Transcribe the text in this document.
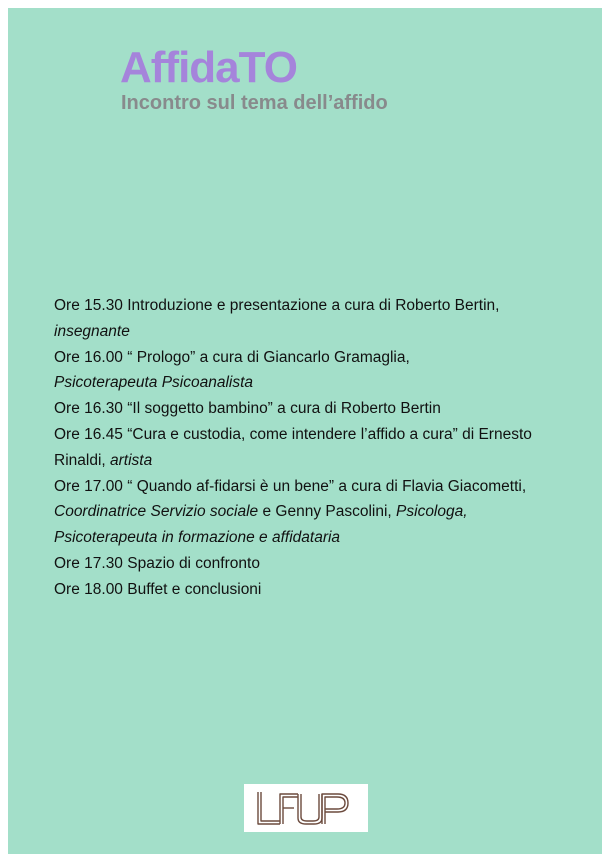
AffidaTO
Incontro sul tema dell’affido

Ore 15.30 Introduzione e presentazione a cura di Roberto Bertin, insegnante

Ore 16.00 “ Prologo” a cura di Giancarlo Gramaglia,
Psicoterapeuta Psicoanalista

Ore 16.30 “Il soggetto bambino” a cura di Roberto Bertin

Ore 16.45 “Cura e custodia, come intendere l’affido a cura” di Ernesto Rinaldi, artista

Ore 17.00 “ Quando af-fidarsi è un bene” a cura di Flavia Giacometti, Coordinatrice Servizio sociale e Genny Pascolini, Psicologa, Psicoterapeuta in formazione e affidataria

Ore 17.30 Spazio di confronto

Ore 18.00 Buffet e conclusioni
